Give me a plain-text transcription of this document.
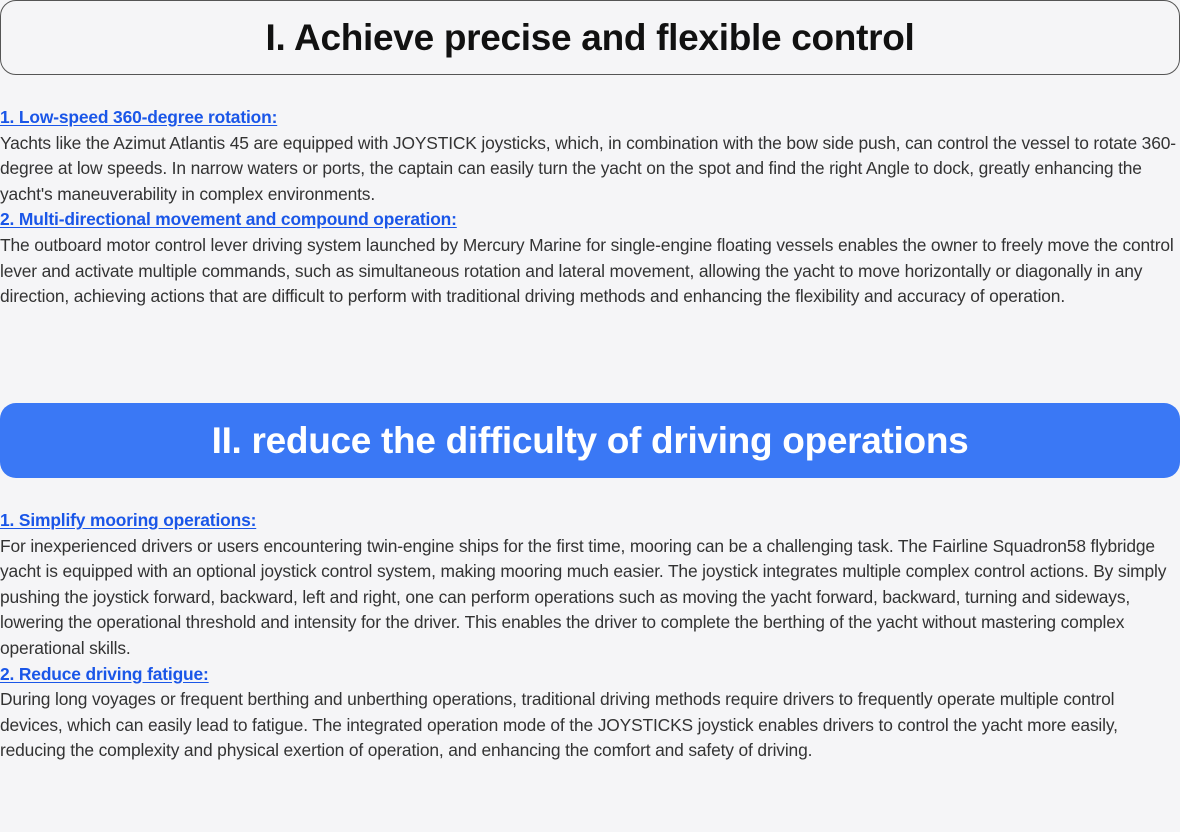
I. Achieve precise and flexible control
1. Low-speed 360-degree rotation:

Yachts like the Azimut Atlantis 45 are equipped with JOYSTICK joysticks, which, in combination with the bow side push, can control the vessel to rotate 360-degree at low speeds. In narrow waters or ports, the captain can easily turn the yacht on the spot and find the right Angle to dock, greatly enhancing the yacht's maneuverability in complex environments.

2. Multi-directional movement and compound operation:

The outboard motor control lever driving system launched by Mercury Marine for single-engine floating vessels enables the owner to freely move the control lever and activate multiple commands, such as simultaneous rotation and lateral movement, allowing the yacht to move horizontally or diagonally in any direction, achieving actions that are difficult to perform with traditional driving methods and enhancing the flexibility and accuracy of operation.

II. reduce the difficulty of driving operations
1. Simplify mooring operations:

For inexperienced drivers or users encountering twin-engine ships for the first time, mooring can be a challenging task. The Fairline Squadron58 flybridge yacht is equipped with an optional joystick control system, making mooring much easier. The joystick integrates multiple complex control actions. By simply pushing the joystick forward, backward, left and right, one can perform operations such as moving the yacht forward, backward, turning and sideways, lowering the operational threshold and intensity for the driver. This enables the driver to complete the berthing of the yacht without mastering complex operational skills.

2. Reduce driving fatigue:

During long voyages or frequent berthing and unberthing operations, traditional driving methods require drivers to frequently operate multiple control devices, which can easily lead to fatigue. The integrated operation mode of the JOYSTICKS joystick enables drivers to control the yacht more easily, reducing the complexity and physical exertion of operation, and enhancing the comfort and safety of driving.
